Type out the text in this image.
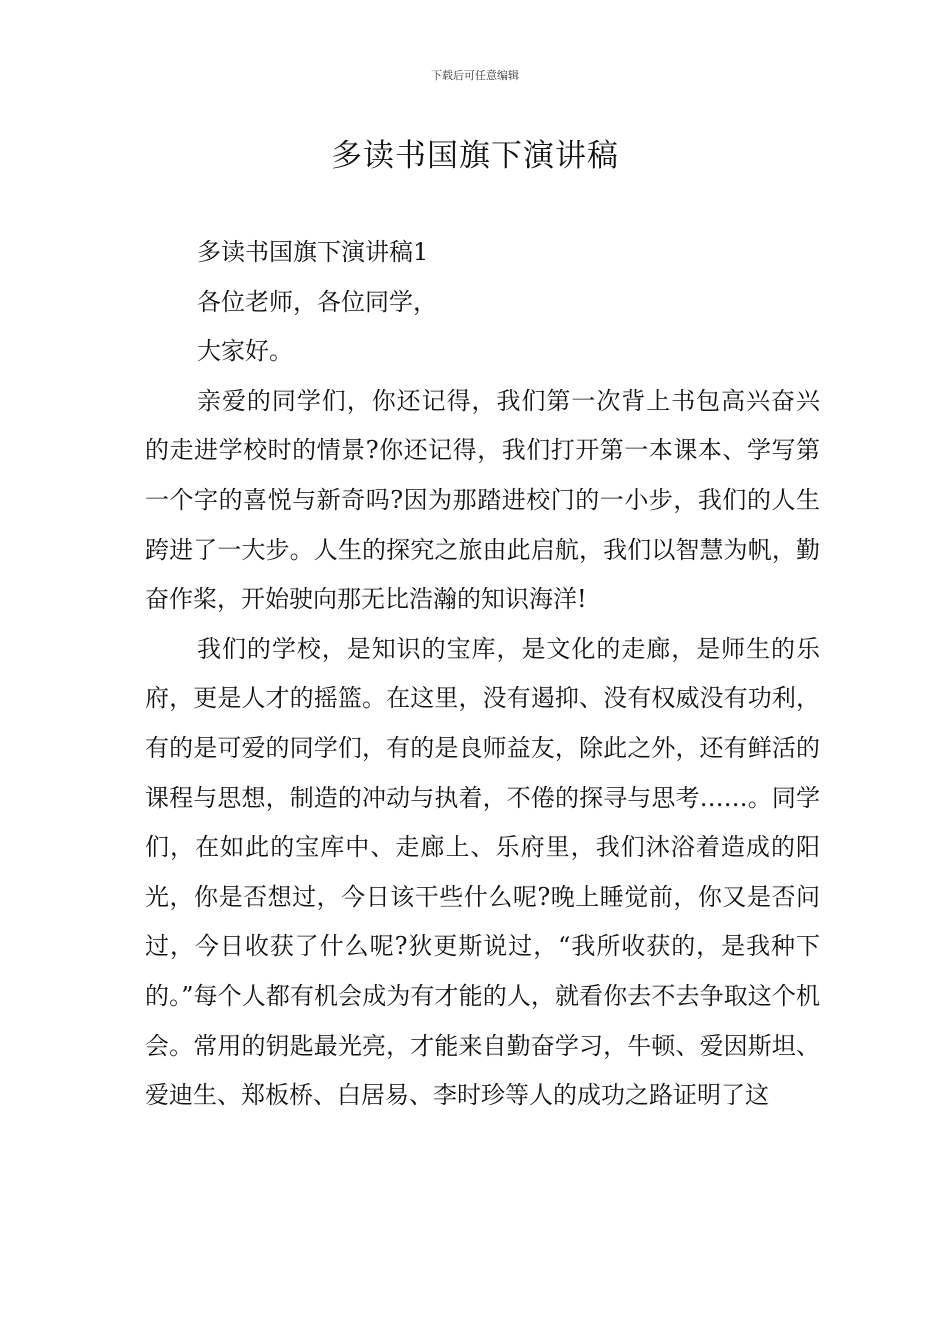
下载后可任意编辑
多读书国旗下演讲稿

多读书国旗下演讲稿1

各位老师，各位同学，

大家好。

亲爱的同学们，你还记得，我们第一次背上书包高兴奋兴的走进学校时的情景?你还记得，我们打开第一本课本、学写第一个字的喜悦与新奇吗?因为那踏进校门的一小步，我们的人生跨进了一大步。人生的探究之旅由此启航，我们以智慧为帆，勤奋作桨，开始驶向那无比浩瀚的知识海洋!

我们的学校，是知识的宝库，是文化的走廊，是师生的乐府，更是人才的摇篮。在这里，没有遏抑、没有权威没有功利，有的是可爱的同学们，有的是良师益友，除此之外，还有鲜活的课程与思想，制造的冲动与执着，不倦的探寻与思考……。同学们，在如此的宝库中、走廊上、乐府里，我们沐浴着造成的阳光，你是否想过，今日该干些什么呢?晚上睡觉前，你又是否问过，今日收获了什么呢?狄更斯说过，“我所收获的，是我种下的。”每个人都有机会成为有才能的人，就看你去不去争取这个机会。常用的钥匙最光亮，才能来自勤奋学习，牛顿、爱因斯坦、爱迪生、郑板桥、白居易、李时珍等人的成功之路证明了这
